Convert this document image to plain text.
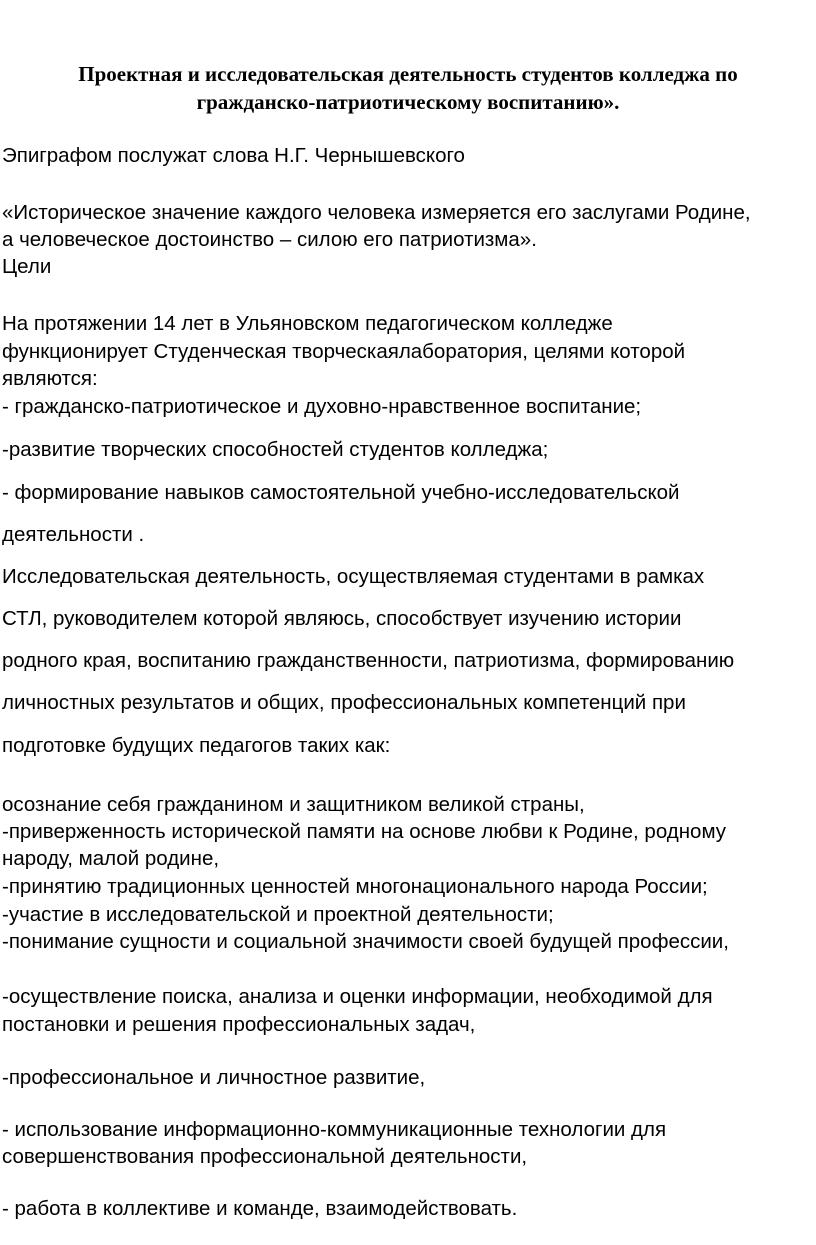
Проектная и исследовательская деятельность студентов колледжа по
гражданско-патриотическому воспитанию».

Эпиграфом послужат слова Н.Г. Чернышевского

«Историческое значение каждого человека измеряется его заслугами Родине,

а человеческое достоинство – силою его патриотизма».

Цели

На протяжении 14 лет в Ульяновском педагогическом колледже

функционирует Студенческая творческаялаборатория, целями которой

являются:

- гражданско-патриотическое и духовно-нравственное воспитание;

-развитие творческих способностей студентов колледжа;

- формирование навыков самостоятельной учебно-исследовательской

деятельности .

Исследовательская деятельность, осуществляемая студентами в рамках

СТЛ, руководителем которой являюсь, способствует изучению истории

родного края, воспитанию гражданственности, патриотизма, формированию

личностных результатов и общих, профессиональных компетенций при

подготовке будущих педагогов таких как:

осознание себя гражданином и защитником великой страны,

-приверженность исторической памяти на основе любви к Родине, родному

народу, малой родине,

-принятию традиционных ценностей многонационального народа России;

-участие в исследовательской и проектной деятельности;

-понимание сущности и социальной значимости своей будущей профессии,

-осуществление поиска, анализа и оценки информации, необходимой для

постановки и решения профессиональных задач,

-профессиональное и личностное развитие,

- использование информационно-коммуникационные технологии для

совершенствования профессиональной деятельности,

- работа в коллективе и команде, взаимодействовать.
